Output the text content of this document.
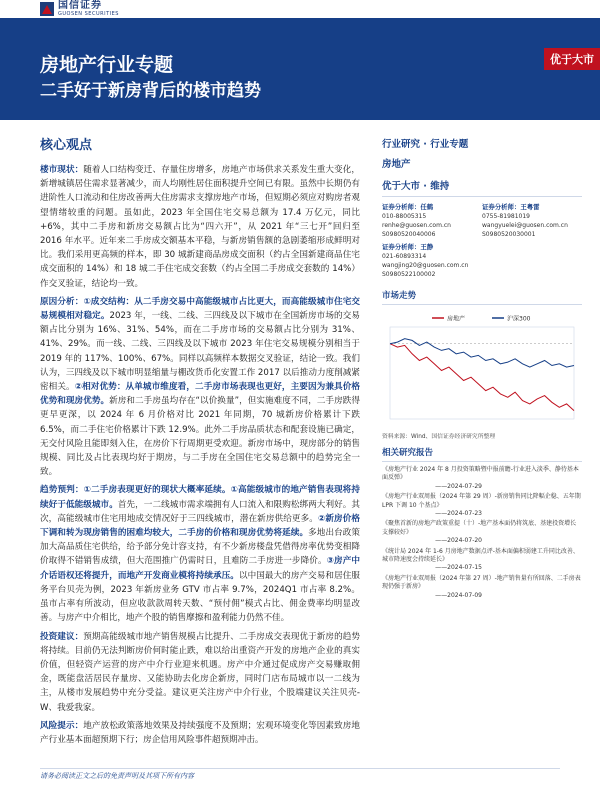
国信证券
GUOSEN SECURITIES
房地产行业专题
二手好于新房背后的楼市趋势
优于大市
核心观点

楼市现状：随着人口结构变迁、存量住房增多，房地产市场供求关系发生重大变化，新增城镇居住需求显著减少，而人均刚性居住面积提升空间已有限。虽然中长期仍有进阶性人口流动和住房改善两大住房需求支撑房地产市场，但短期必须应对购房者观望情绪较重的问题。虽如此，2023 年全国住宅交易总额为 17.4 万亿元，同比+6%，其中二手房和新房交易额占比为“四六开”，从 2021 年“三七开”回归至 2016 年水平。近年来二手房成交额基本平稳，与新房销售额的急剧萎缩形成鲜明对比。我们采用更高频的样本，即 30 城新建商品房成交面积（约占全国新建商品住宅成交面积的 14%）和 18 城二手住宅成交套数（约占全国二手房成交套数的 14%）作交叉验证，结论均一致。

原因分析：①成交结构：从二手房交易中高能级城市占比更大，而高能级城市住宅交易规模相对稳定。2023 年，一线、二线、三四线及以下城市在全国新房市场的交易额占比分别为 16%、31%、54%，而在二手房市场的交易额占比分别为 31%、41%、29%。而一线、二线、三四线及以下城市 2023 年住宅交易规模分别相当于 2019 年的 117%、100%、67%。同样以高频样本数据交叉验证，结论一致。我们认为，三四线及以下城市明显缩量与棚改货币化安置工作 2017 以后推动力度削减紧密相关。②相对优势：从单城市维度看，二手房市场表现也更好，主要因为兼具价格优势和现房优势。新房和二手房虽均存在“以价换量”，但实施难度不同，二手房跌得更早更深，以 2024 年 6 月价格对比 2021 年同期，70 城新房价格累计下跌 6.5%，而二手住宅价格累计下跌 12.9%。此外二手房品质状态和配套设施已确定，无交付风险且能即刻入住，在房价下行周期更受欢迎。新房市场中，现房部分的销售规模、同比及占比表现均好于期房，与二手房在全国住宅交易总额中的趋势完全一致。

趋势预判：①二手房表现更好的现状大概率延续。①高能级城市的地产销售表现将持续好于低能级城市。首先，一二线城市需求端拥有人口流入和限购松绑两大利好。其次，高能级城市住宅用地成交情况好于三四线城市，潜在新房供给更多。②新房价格下调和转为现房销售的困难均较大，二手房的价格和现房优势将延续。多地出台政策加大高品质住宅供给，给予部分免计容支持，有不少新房楼盘凭借得房率优势变相降价取得不错销售成绩，但大范围推广仍需时日，且难防二手房进一步降价。③房产中介话语权还将提升，而地产开发商业模将持续承压。以中国最大的房产交易和居住服务平台贝壳为例，2023 年新房业务 GTV 市占率 9.7%，2024Q1 市占率 8.2%。虽市占率有所波动，但应收款款周转天数、“预付佣”模式占比、佣金费率均明显改善。与房产中介相比，地产个股的销售摩擦和盈利能力仍然不佳。

投资建议：预期高能级城市地产销售规模占比提升、二手房成交表现优于新房的趋势将持续。目前仍无法判断房价何时能止跌，难以给出重资产开发的房地产企业的真实价值，但轻资产运营的房产中介行业迎来机遇。房产中介通过促成房产交易赚取佣金，既能盘活居民存量房、又能协助去化房企新房，同时门店布局城市以一二线为主，从楼市发展趋势中充分受益。建议更关注房产中介行业，个股端建议关注贝壳-W、我爱我家。

风险提示：地产放松政策落地效果及持续强度不及预期；宏观环境变化等因素致房地产行业基本面超预期下行；房企信用风险事件超预期冲击。

行业研究 · 行业专题
房地产
优于大市 · 维持
证券分析师：任鹤
010-88005315
renhe@guosen.com.cn
S0980520040006
证券分析师：王粤雷
0755-81981019
wangyuelei@guosen.com.cn
S0980520030001
证券分析师：王静
021-60893314
wangjing20@guosen.com.cn
S0980522100002
市场走势
房地产	沪深300
资料来源：Wind、国信证券经济研究所整理
相关研究报告
《房地产行业 2024 年 8 月投资策略暨中报前瞻-行业进入淡季、静待基本面反弹》
——2024-07-29
《房地产行业双周报（2024 年第 29 周）-新房销售同比降幅企稳、五年期 LPR 下调 10 个基点》
——2024-07-23
《聚焦首新的房地产政策重提（十）-地产基本面仍将筑底、基建投资增长支撑较好》
——2024-07-20
《统计局 2024 年 1-6 月房地产数据点评-基本面偏积弱建工升同比改善、城市降速度会持续延长》
——2024-07-15
《房地产行业双周报（2024 年第 27 周）-地产销售量有所回落、二手房表现仍强于新房》
——2024-07-09
请务必阅读正文之后的免责声明及其项下所有内容
